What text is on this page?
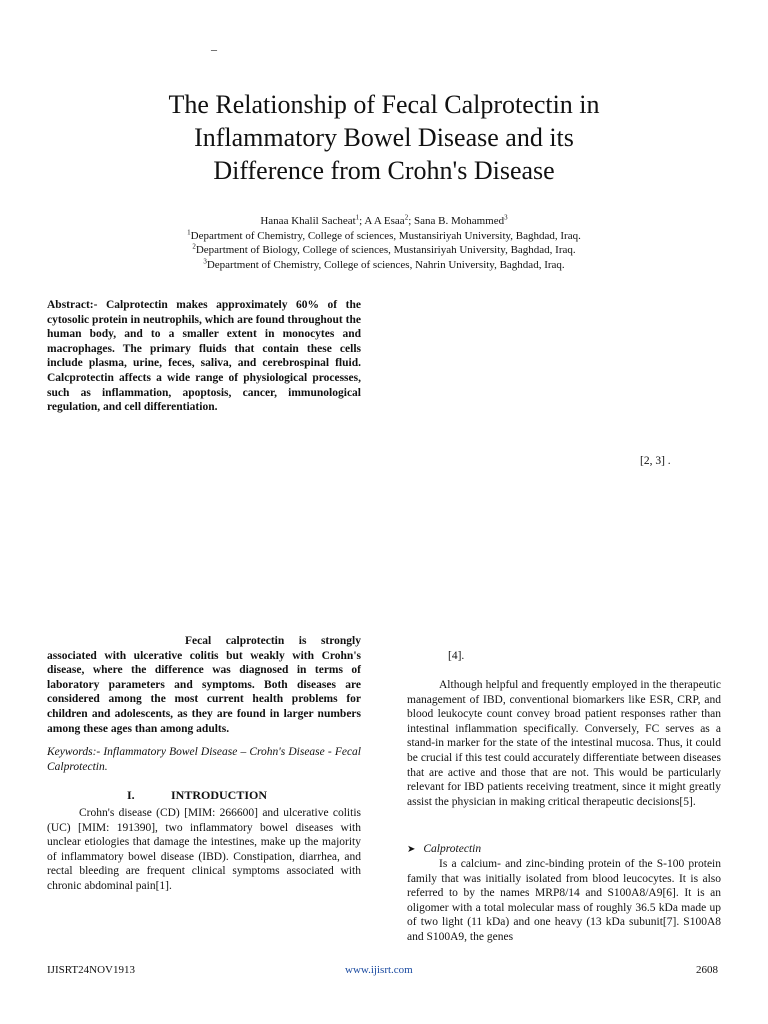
–
The Relationship of Fecal Calprotectin in
Inflammatory Bowel Disease and its
Difference from Crohn's Disease
Hanaa Khalil Sacheat$^1$; A A Esaa$^2$; Sana B. Mohammed$^3$
$^1$Department of Chemistry, College of sciences, Mustansiriyah University, Baghdad, Iraq.
$^2$Department of Biology, College of sciences, Mustansiriyah University, Baghdad, Iraq.
$^3$Department of Chemistry, College of sciences, Nahrin University, Baghdad, Iraq.
Abstract:- Calprotectin makes approximately 60% of the cytosolic protein in neutrophils, which are found throughout the human body, and to a smaller extent in monocytes and macrophages. The primary fluids that contain these cells include plasma, urine, feces, saliva, and cerebrospinal fluid. Calcprotectin affects a wide range of physiological processes, such as inflammation, apoptosis, cancer, immunological regulation, and cell differentiation.
Fecal calprotectin is strongly associated with ulcerative colitis but weakly with Crohn's disease, where the difference was diagnosed in terms of laboratory parameters and symptoms. Both diseases are considered among the most current health problems for children and adolescents, as they are found in larger numbers among these ages than among adults.
Keywords:- Inflammatory Bowel Disease – Crohn's Disease - Fecal Calprotectin.
I.	INTRODUCTION
Crohn's disease (CD) [MIM: 266600] and ulcerative colitis (UC) [MIM: 191390], two inflammatory bowel diseases with unclear etiologies that damage the intestines, make up the majority of inflammatory bowel disease (IBD). Constipation, diarrhea, and rectal bleeding are frequent clinical symptoms associated with chronic abdominal pain[1].
[2, 3] .
[4].
Although helpful and frequently employed in the therapeutic management of IBD, conventional biomarkers like ESR, CRP, and blood leukocyte count convey broad patient responses rather than intestinal inflammation specifically. Conversely, FC serves as a stand-in marker for the state of the intestinal mucosa. Thus, it could be crucial if this test could accurately differentiate between diseases that are active and those that are not. This would be particularly relevant for IBD patients receiving treatment, since it might greatly assist the physician in making critical therapeutic decisions[5].
➤ Calprotectin
Is a calcium- and zinc-binding protein of the S-100 protein family that was initially isolated from blood leucocytes. It is also referred to by the names MRP8/14 and S100A8/A9[6]. It is an oligomer with a total molecular mass of roughly 36.5 kDa made up of two light (11 kDa) and one heavy (13 kDa subunit[7]. S100A8 and S100A9, the genes
IJISRT24NOV1913	www.ijisrt.com	2608
